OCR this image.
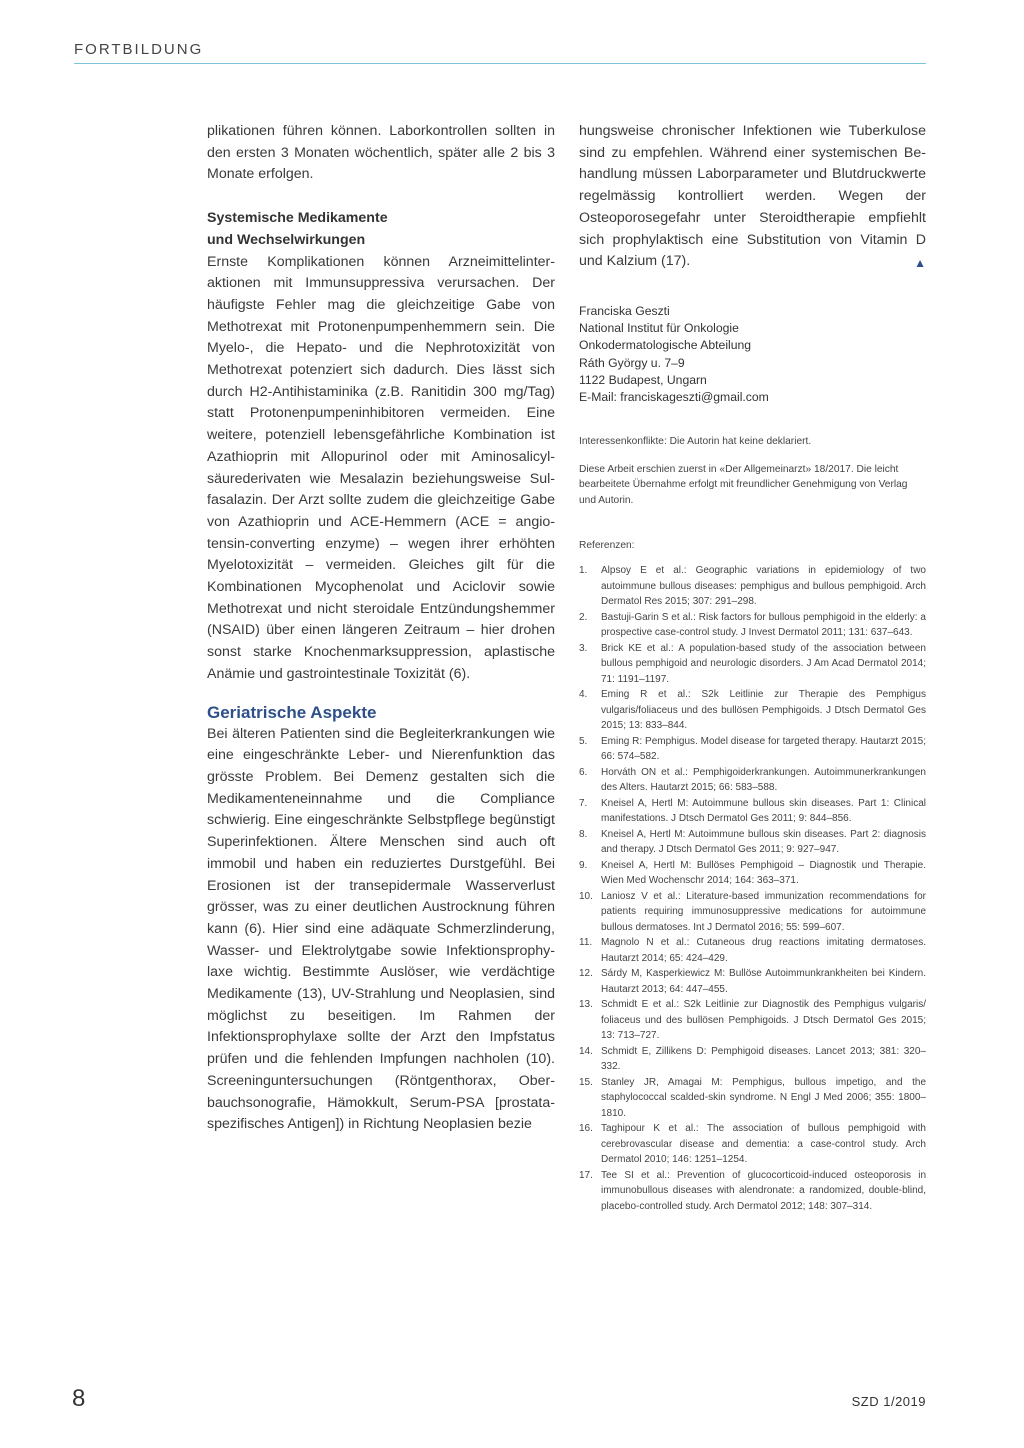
FORTBILDUNG

plikationen führen können. Laborkontrollen sollten in den ersten 3 Monaten wöchentlich, später alle 2 bis 3 Monate erfolgen.

Systemische Medikamente
und Wechselwirkungen

Ernste Komplikationen können Arzneimittelinteraktionen mit Immunsuppressiva verursachen. Der häufigste Fehler mag die gleichzeitige Gabe von Methotrexat mit Protonenpumpenhemmern sein. Die Myelo-, die Hepato- und die Nephrotoxizität von Methotrexat potenziert sich dadurch. Dies lässt sich durch H2-Antihistaminika (z.B. Ranitidin 300 mg/Tag) statt Protonenpumpeninhibitoren vermeiden. Eine weitere, potenziell lebensgefährliche Kombination ist Azathioprin mit Allopurinol oder mit Aminosalicylsäurederivaten wie Mesalazin beziehungsweise Sulfasalazin. Der Arzt sollte zudem die gleichzeitige Gabe von Azathioprin und ACE-Hemmern (ACE = angiotensin-converting enzyme) – wegen ihrer erhöhten Myelotoxizität – vermeiden. Gleiches gilt für die Kombinationen Mycophenolat und Aciclovir sowie Methotrexat und nicht steroidale Entzündungshemmer (NSAID) über einen längeren Zeitraum – hier drohen sonst starke Knochenmarksuppression, aplastische Anämie und gastrointestinale Toxizität (6).

Geriatrische Aspekte

Bei älteren Patienten sind die Begleiterkrankungen wie eine eingeschränkte Leber- und Nierenfunktion das grösste Problem. Bei Demenz gestalten sich die Medikamenteneinnahme und die Compliance schwierig. Eine eingeschränkte Selbstpflege begünstigt Superinfektionen. Ältere Menschen sind auch oft immobil und haben ein reduziertes Durstgefühl. Bei Erosionen ist der transepidermale Wasserverlust grösser, was zu einer deutlichen Austrocknung führen kann (6). Hier sind eine adäquate Schmerzlinderung, Wasser- und Elektrolytgabe sowie Infektionsprophylaxe wichtig. Bestimmte Auslöser, wie verdächtige Medikamente (13), UV-Strahlung und Neoplasien, sind möglichst zu beseitigen. Im Rahmen der Infektionsprophylaxe sollte der Arzt den Impfstatus prüfen und die fehlenden Impfungen nachholen (10). Screeninguntersuchungen (Röntgenthorax, Oberbauchsonografie, Hämokkult, Serum-PSA [prostataspezifisches Antigen]) in Richtung Neoplasien bezie

hungsweise chronischer Infektionen wie Tuberkulose sind zu empfehlen. Während einer systemischen Behandlung müssen Laborparameter und Blutdruckwerte regelmässig kontrolliert werden. Wegen der Osteoporosegefahr unter Steroidtherapie empfiehlt sich prophylaktisch eine Substitution von Vitamin D und Kalzium (17).	▲

Franciska Geszti
National Institut für Onkologie
Onkodermatologische Abteilung
Ráth György u. 7–9
1122 Budapest, Ungarn
E-Mail: franciskageszti@gmail.com
Interessenkonflikte: Die Autorin hat keine deklariert.
Diese Arbeit erschien zuerst in «Der Allgemeinarzt» 18/2017. Die leicht bearbeitete Übernahme erfolgt mit freundlicher Genehmigung von Verlag und Autorin.
Referenzen:
1.	Alpsoy E et al.: Geographic variations in epidemiology of two autoimmune bullous diseases: pemphigus and bullous pemphigoid. Arch Dermatol Res 2015; 307: 291–298.
2.	Bastuji-Garin S et al.: Risk factors for bullous pemphigoid in the elderly: a prospective case-control study. J Invest Dermatol 2011; 131: 637–643.
3.	Brick KE et al.: A population-based study of the association between bullous pemphigoid and neurologic disorders. J Am Acad Dermatol 2014; 71: 1191–1197.
4.	Eming R et al.: S2k Leitlinie zur Therapie des Pemphigus vulgaris/foliaceus und des bullösen Pemphigoids. J Dtsch Dermatol Ges 2015; 13: 833–844.
5.	Eming R: Pemphigus. Model disease for targeted therapy. Hautarzt 2015; 66: 574–582.
6.	Horváth ON et al.: Pemphigoiderkrankungen. Autoimmunerkrankungen des Alters. Hautarzt 2015; 66: 583–588.
7.	Kneisel A, Hertl M: Autoimmune bullous skin diseases. Part 1: Clinical manifestations. J Dtsch Dermatol Ges 2011; 9: 844–856.
8.	Kneisel A, Hertl M: Autoimmune bullous skin diseases. Part 2: diagnosis and therapy. J Dtsch Dermatol Ges 2011; 9: 927–947.
9.	Kneisel A, Hertl M: Bullöses Pemphigoid – Diagnostik und Therapie. Wien Med Wochenschr 2014; 164: 363–371.
10. Laniosz V et al.: Literature-based immunization recommendations for patients requiring immunosuppressive medications for autoimmune bullous dermatoses. Int J Dermatol 2016; 55: 599–607.
11. Magnolo N et al.: Cutaneous drug reactions imitating dermatoses. Hautarzt 2014; 65: 424–429.
12. Sárdy M, Kasperkiewicz M: Bullöse Autoimmunkrankheiten bei Kindern. Hautarzt 2013; 64: 447–455.
13. Schmidt E et al.: S2k Leitlinie zur Diagnostik des Pemphigus vulgaris/ foliaceus und des bullösen Pemphigoids. J Dtsch Dermatol Ges 2015; 13: 713–727.
14. Schmidt E, Zillikens D: Pemphigoid diseases. Lancet 2013; 381: 320–332.
15. Stanley JR, Amagai M: Pemphigus, bullous impetigo, and the staphylococcal scalded-skin syndrome. N Engl J Med 2006; 355: 1800–1810.
16. Taghipour K et al.: The association of bullous pemphigoid with cerebrovascular disease and dementia: a case-control study. Arch Dermatol 2010; 146: 1251–1254.
17. Tee SI et al.: Prevention of glucocorticoid-induced osteoporosis in immunobullous diseases with alendronate: a randomized, double-blind, placebo-controlled study. Arch Dermatol 2012; 148: 307–314.
8	SZD 1/2019
